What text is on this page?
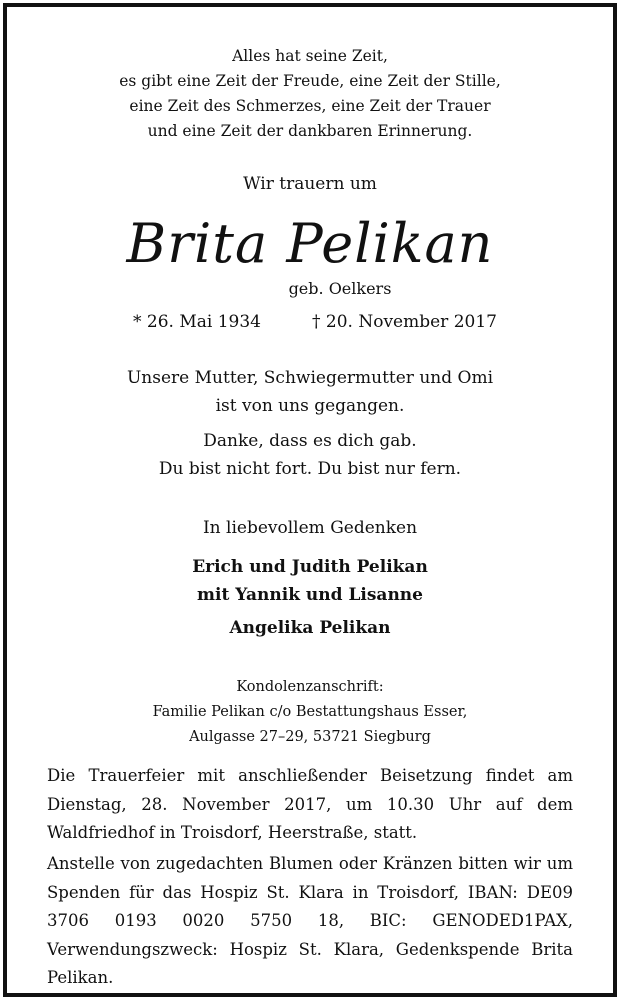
Alles hat seine Zeit,
es gibt eine Zeit der Freude, eine Zeit der Stille,
eine Zeit des Schmerzes, eine Zeit der Trauer
und eine Zeit der dankbaren Erinnerung.
Wir trauern um
Brita Pelikan
geb. Oelkers
* 26. Mai 1934	† 20. November 2017
Unsere Mutter, Schwiegermutter und Omi
ist von uns gegangen.
Danke, dass es dich gab.
Du bist nicht fort. Du bist nur fern.
In liebevollem Gedenken
Erich und Judith Pelikan
mit Yannik und Lisanne
Angelika Pelikan
Kondolenzanschrift:
Familie Pelikan c/o Bestattungshaus Esser,
Aulgasse 27–29, 53721 Siegburg
Die Trauerfeier mit anschließender Beisetzung findet am Dienstag, 28. November 2017, um 10.30 Uhr auf dem Waldfriedhof in Troisdorf, Heerstraße, statt.
Anstelle von zugedachten Blumen oder Kränzen bitten wir um Spenden für das Hospiz St. Klara in Troisdorf, IBAN: DE09 3706 0193 0020 5750 18, BIC: GENODED1PAX, Verwendungszweck: Hospiz St. Klara, Gedenkspende Brita Pelikan.
